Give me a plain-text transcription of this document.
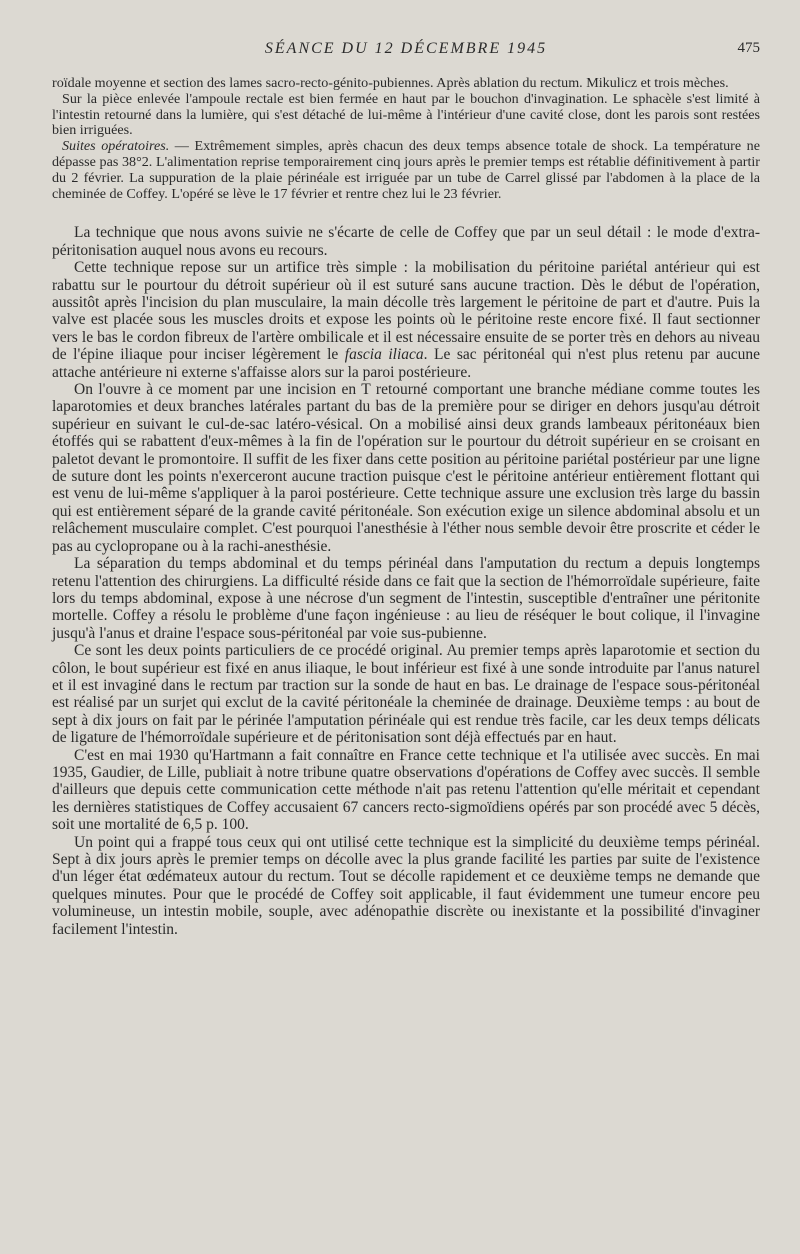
SÉANCE DU 12 DÉCEMBRE 1945	475

roïdale moyenne et section des lames sacro-recto-génito-pubiennes. Après ablation du rectum. Mikulicz et trois mèches.

Sur la pièce enlevée l'ampoule rectale est bien fermée en haut par le bouchon d'invagination. Le sphacèle s'est limité à l'intestin retourné dans la lumière, qui s'est détaché de lui-même à l'intérieur d'une cavité close, dont les parois sont restées bien irriguées.

Suites opératoires. — Extrêmement simples, après chacun des deux temps absence totale de shock. La température ne dépasse pas 38°2. L'alimentation reprise temporairement cinq jours après le premier temps est rétablie définitivement à partir du 2 février. La suppuration de la plaie périnéale est irriguée par un tube de Carrel glissé par l'abdomen à la place de la cheminée de Coffey. L'opéré se lève le 17 février et rentre chez lui le 23 février.

La technique que nous avons suivie ne s'écarte de celle de Coffey que par un seul détail : le mode d'extra-péritonisation auquel nous avons eu recours.

Cette technique repose sur un artifice très simple : la mobilisation du péritoine pariétal antérieur qui est rabattu sur le pourtour du détroit supérieur où il est suturé sans aucune traction. Dès le début de l'opération, aussitôt après l'incision du plan musculaire, la main décolle très largement le péritoine de part et d'autre. Puis la valve est placée sous les muscles droits et expose les points où le péritoine reste encore fixé. Il faut sectionner vers le bas le cordon fibreux de l'artère ombilicale et il est nécessaire ensuite de se porter très en dehors au niveau de l'épine iliaque pour inciser légèrement le fascia iliaca. Le sac péritonéal qui n'est plus retenu par aucune attache antérieure ni externe s'affaisse alors sur la paroi postérieure.

On l'ouvre à ce moment par une incision en T retourné comportant une branche médiane comme toutes les laparotomies et deux branches latérales partant du bas de la première pour se diriger en dehors jusqu'au détroit supérieur en suivant le cul-de-sac latéro-vésical. On a mobilisé ainsi deux grands lambeaux péritonéaux bien étoffés qui se rabattent d'eux-mêmes à la fin de l'opération sur le pourtour du détroit supérieur en se croisant en paletot devant le promontoire. Il suffit de les fixer dans cette position au péritoine pariétal postérieur par une ligne de suture dont les points n'exerceront aucune traction puisque c'est le péritoine antérieur entièrement flottant qui est venu de lui-même s'appliquer à la paroi postérieure. Cette technique assure une exclusion très large du bassin qui est entièrement séparé de la grande cavité péritonéale. Son exécution exige un silence abdominal absolu et un relâchement musculaire complet. C'est pourquoi l'anesthésie à l'éther nous semble devoir être proscrite et céder le pas au cyclopropane ou à la rachi-anesthésie.

La séparation du temps abdominal et du temps périnéal dans l'amputation du rectum a depuis longtemps retenu l'attention des chirurgiens. La difficulté réside dans ce fait que la section de l'hémorroïdale supérieure, faite lors du temps abdominal, expose à une nécrose d'un segment de l'intestin, susceptible d'entraîner une péritonite mortelle. Coffey a résolu le problème d'une façon ingénieuse : au lieu de réséquer le bout colique, il l'invagine jusqu'à l'anus et draine l'espace sous-péritonéal par voie sus-pubienne.

Ce sont les deux points particuliers de ce procédé original. Au premier temps après laparotomie et section du côlon, le bout supérieur est fixé en anus iliaque, le bout inférieur est fixé à une sonde introduite par l'anus naturel et il est invaginé dans le rectum par traction sur la sonde de haut en bas. Le drainage de l'espace sous-péritonéal est réalisé par un surjet qui exclut de la cavité péritonéale la cheminée de drainage. Deuxième temps : au bout de sept à dix jours on fait par le périnée l'amputation périnéale qui est rendue très facile, car les deux temps délicats de ligature de l'hémorroïdale supérieure et de péritonisation sont déjà effectués par en haut.

C'est en mai 1930 qu'Hartmann a fait connaître en France cette technique et l'a utilisée avec succès. En mai 1935, Gaudier, de Lille, publiait à notre tribune quatre observations d'opérations de Coffey avec succès. Il semble d'ailleurs que depuis cette communication cette méthode n'ait pas retenu l'attention qu'elle méritait et cependant les dernières statistiques de Coffey accusaient 67 cancers recto-sigmoïdiens opérés par son procédé avec 5 décès, soit une mortalité de 6,5 p. 100.

Un point qui a frappé tous ceux qui ont utilisé cette technique est la simplicité du deuxième temps périnéal. Sept à dix jours après le premier temps on décolle avec la plus grande facilité les parties par suite de l'existence d'un léger état œdémateux autour du rectum. Tout se décolle rapidement et ce deuxième temps ne demande que quelques minutes. Pour que le procédé de Coffey soit applicable, il faut évidemment une tumeur encore peu volumineuse, un intestin mobile, souple, avec adénopathie discrète ou inexistante et la possibilité d'invaginer facilement l'intestin.
